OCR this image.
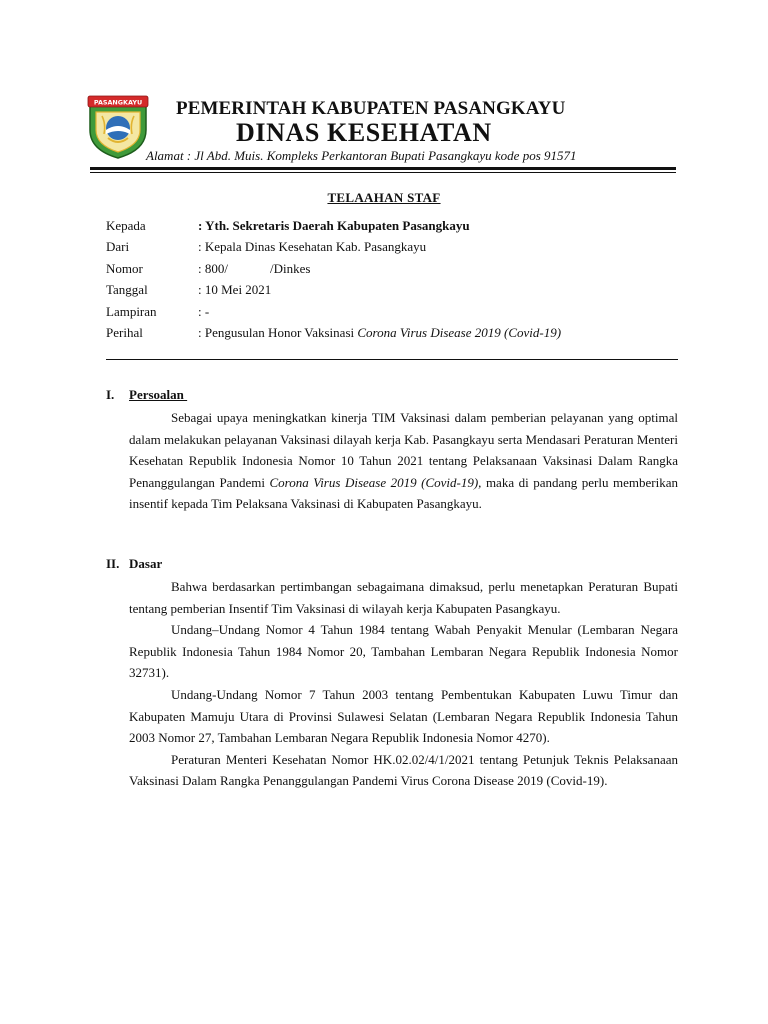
PASANGKAYU PEMERINTAH KABUPATEN PASANGKAYU
DINAS KESEHATAN
Alamat : Jl Abd. Muis. Kompleks Perkantoran Bupati Pasangkayu kode pos 91571
TELAAHAN STAF
Kepada	: Yth. Sekretaris Daerah Kabupaten Pasangkayu
Dari	: Kepala Dinas Kesehatan Kab. Pasangkayu
Nomor	: 800/	/Dinkes
Tanggal	: 10 Mei 2021
Lampiran	: -
Perihal	: Pengusulan Honor Vaksinasi Corona Virus Disease 2019 (Covid-19)
I. Persoalan

Sebagai upaya meningkatkan kinerja TIM Vaksinasi dalam pemberian pelayanan yang optimal dalam melakukan pelayanan Vaksinasi dilayah kerja Kab. Pasangkayu serta Mendasari Peraturan Menteri Kesehatan Republik Indonesia Nomor 10 Tahun 2021 tentang Pelaksanaan Vaksinasi Dalam Rangka Penanggulangan Pandemi Corona Virus Disease 2019 (Covid-19), maka di pandang perlu memberikan insentif kepada Tim Pelaksana Vaksinasi di Kabupaten Pasangkayu.

II. Dasar

Bahwa berdasarkan pertimbangan sebagaimana dimaksud, perlu menetapkan Peraturan Bupati tentang pemberian Insentif Tim Vaksinasi di wilayah kerja Kabupaten Pasangkayu.

Undang–Undang Nomor 4 Tahun 1984 tentang Wabah Penyakit Menular (Lembaran Negara Republik Indonesia Tahun 1984 Nomor 20, Tambahan Lembaran Negara Republik Indonesia Nomor 32731).

Undang-Undang Nomor 7 Tahun 2003 tentang Pembentukan Kabupaten Luwu Timur dan Kabupaten Mamuju Utara di Provinsi Sulawesi Selatan (Lembaran Negara Republik Indonesia Tahun 2003 Nomor 27, Tambahan Lembaran Negara Republik Indonesia Nomor 4270).

Peraturan Menteri Kesehatan Nomor HK.02.02/4/1/2021 tentang Petunjuk Teknis Pelaksanaan Vaksinasi Dalam Rangka Penanggulangan Pandemi Virus Corona Disease 2019 (Covid-19).
